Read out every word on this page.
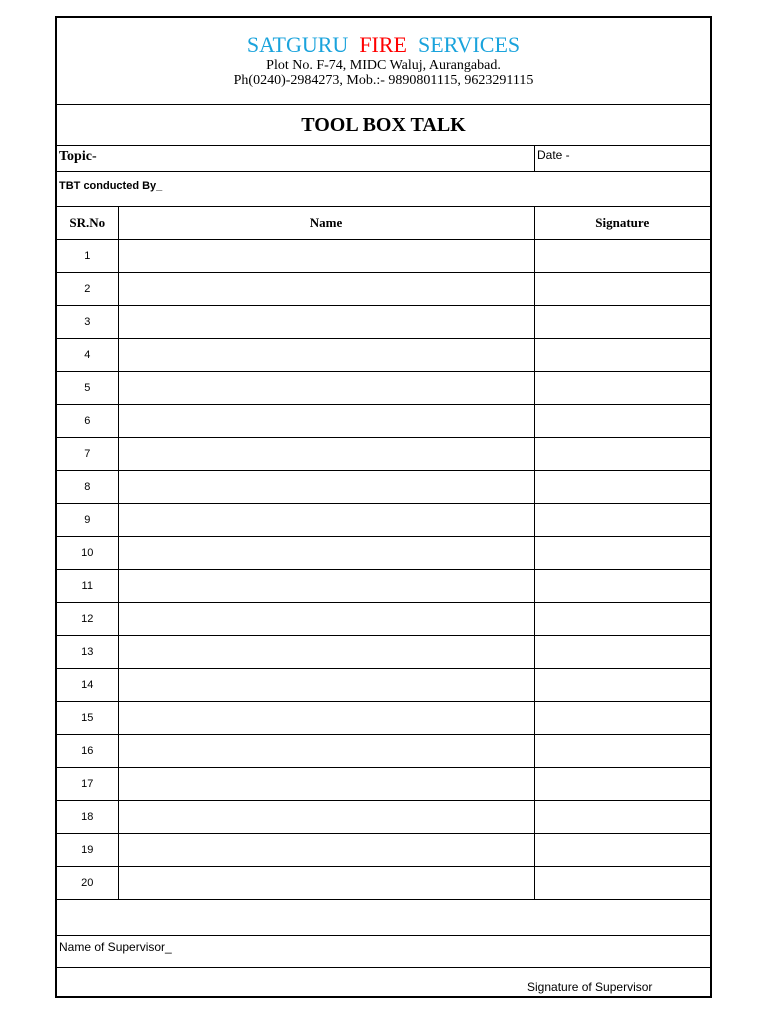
SATGURU FIRE SERVICES
Plot No. F-74, MIDC Waluj, Aurangabad.
Ph(0240)-2984273, Mob.:- 9890801115, 9623291115
TOOL BOX TALK
Topic-	Date -
TBT conducted By_
SR.No	Name	Signature
1		
2		
3		
4		
5		
6		
7		
8		
9		
10		
11		
12		
13		
14		
15		
16		
17		
18		
19		
20		
Name of Supervisor_
Signature of Supervisor
